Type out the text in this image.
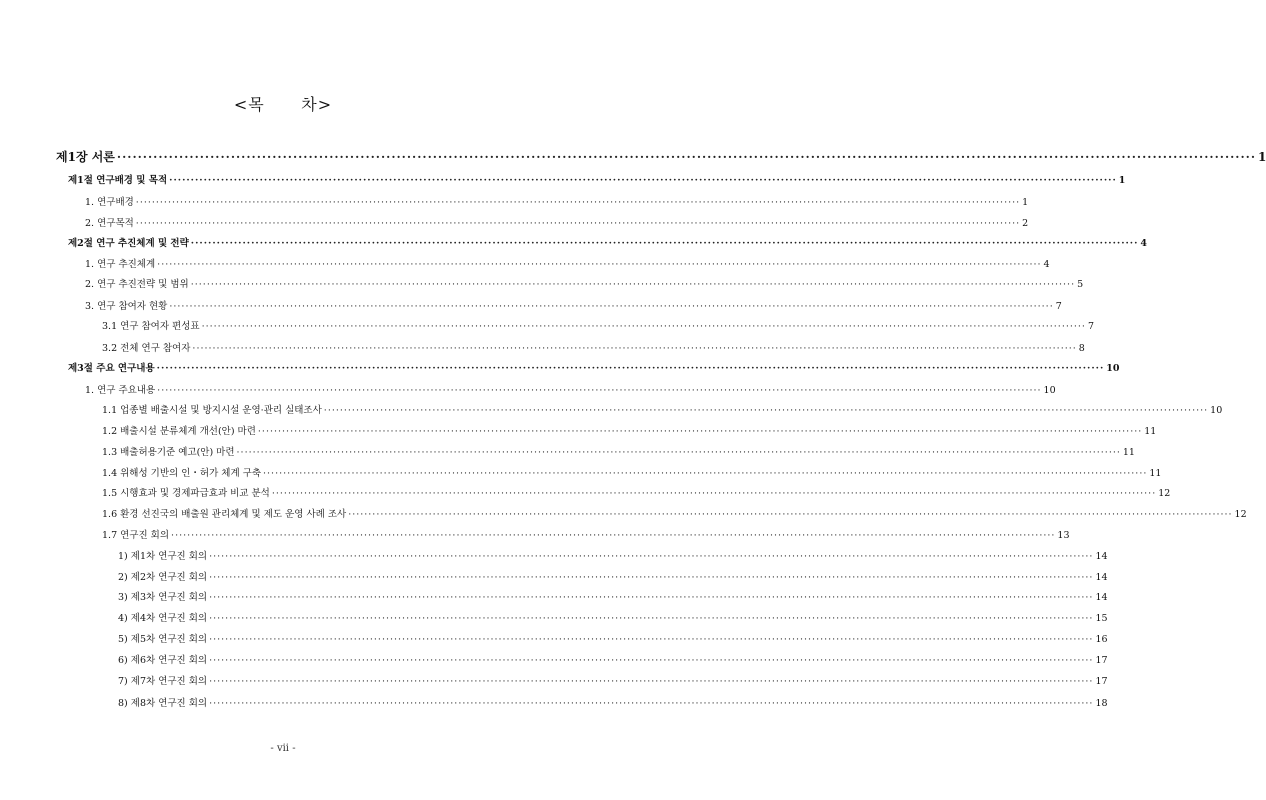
<목      차>
제1장 서론 ···························································································································································································································· 1
제1절 연구배경 및 목적 ···························································································································································································································· 1
1. 연구배경 ···························································································································································································································· 1
2. 연구목적 ···························································································································································································································· 2
제2절 연구 추진체계 및 전략 ···························································································································································································································· 4
1. 연구 추진체계 ···························································································································································································································· 4
2. 연구 추진전략 및 범위 ···························································································································································································································· 5
3. 연구 참여자 현황 ···························································································································································································································· 7
3.1 연구 참여자 편성표 ···························································································································································································································· 7
3.2 전체 연구 참여자 ···························································································································································································································· 8
제3절 주요 연구내용 ···························································································································································································································· 10
1. 연구 주요내용 ···························································································································································································································· 10
1.1 업종별 배출시설 및 방지시설 운영·관리 실태조사 ···························································································································································································································· 10
1.2 배출시설 분류체계 개선(안) 마련 ···························································································································································································································· 11
1.3 배출허용기준 예고(안) 마련 ···························································································································································································································· 11
1.4 위해성 기반의 인・허가 체계 구축 ···························································································································································································································· 11
1.5 시행효과 및 경제파급효과 비교 분석 ···························································································································································································································· 12
1.6 환경 선진국의 배출원 관리체계 및 제도 운영 사례 조사 ···························································································································································································································· 12
1.7 연구진 회의 ···························································································································································································································· 13
1) 제1차 연구진 회의 ···························································································································································································································· 14
2) 제2차 연구진 회의 ···························································································································································································································· 14
3) 제3차 연구진 회의 ···························································································································································································································· 14
4) 제4차 연구진 회의 ···························································································································································································································· 15
5) 제5차 연구진 회의 ···························································································································································································································· 16
6) 제6차 연구진 회의 ···························································································································································································································· 17
7) 제7차 연구진 회의 ···························································································································································································································· 17
8) 제8차 연구진 회의 ···························································································································································································································· 18
- vii -
